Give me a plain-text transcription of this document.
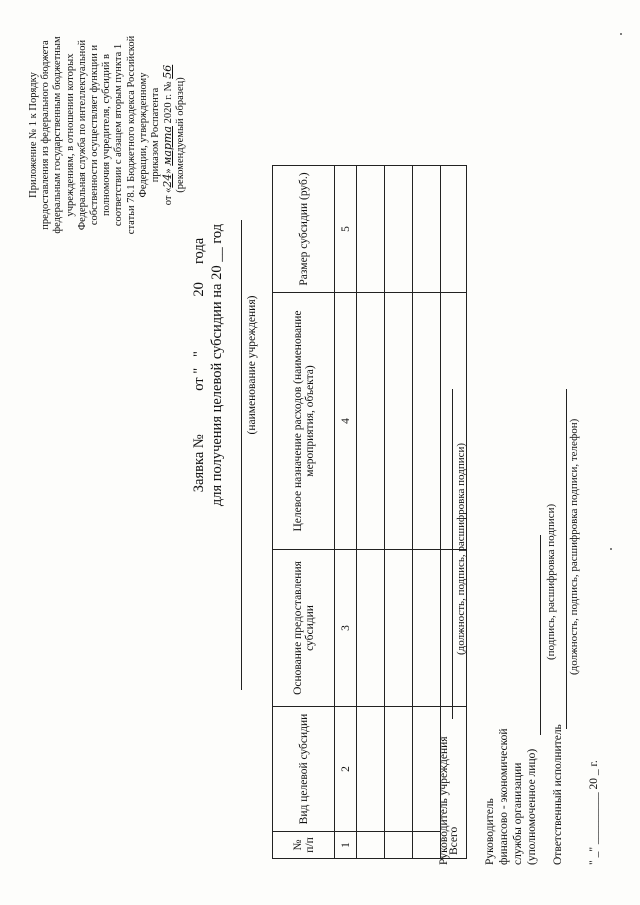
Приложение № 1 к Порядку предоставления из федерального бюджета федеральным государственным бюджетным учреждениям, в отношении которых Федеральная служба по интеллектуальной собственности осуществляет функции и полномочия учредителя, субсидий в соответствии с абзацем вторым пункта 1 статьи 78.1 Бюджетного кодекса Российской Федерации, утвержденному приказом Роспатента
от «24» марта 2020 г. № 56
(рекомендуемый образец)
Заявка №            от "   "               20     года для получения целевой субсидии на 20 __ год (наименование учреждения)
№ п/п	Вид целевой субсидии	Основание предоставления субсидии	Целевое назначение расходов (наименование мероприятия, объекта)	Размер субсидии (руб.)
1	2	3	4	5

Всего				
Руководитель учреждения
(должность, подпись, расшифровка подписи)
Руководитель финансово - экономической службы организации (уполномоченное лицо)
(подпись, расшифровка подписи)
Ответственный исполнитель
(должность, подпись, расшифровка подписи, телефон)
" _" _________ 20 _ г.
